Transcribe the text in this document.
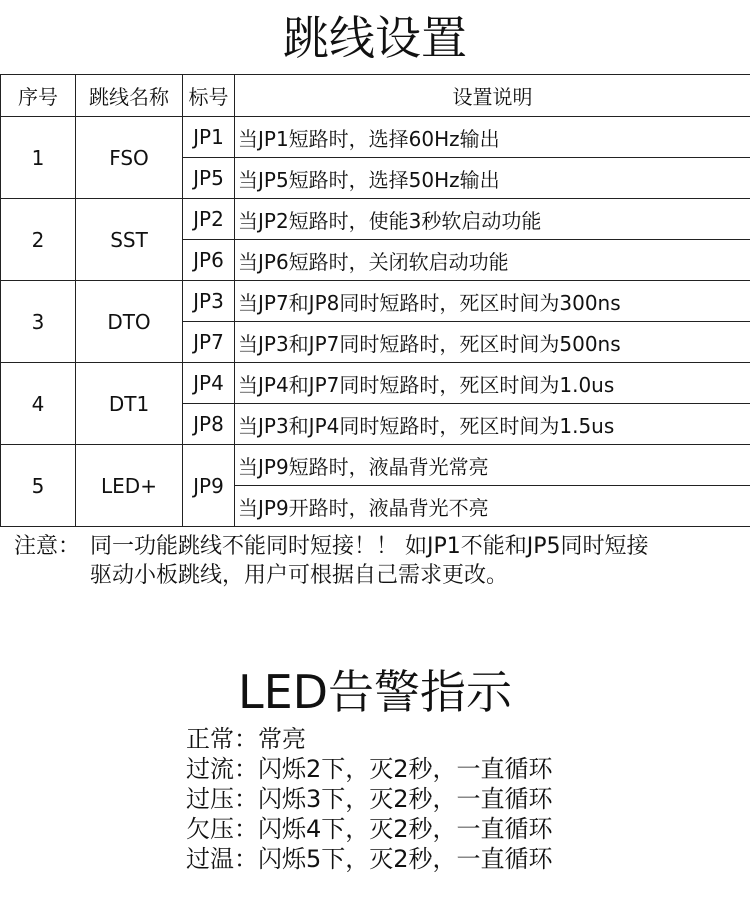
跳线设置
序号	跳线名称	标号	设置说明
1	FSO	JP1	当JP1短路时，选择60Hz输出
		JP5	当JP5短路时，选择50Hz输出
2	SST	JP2	当JP2短路时，使能3秒软启动功能
		JP6	当JP6短路时，关闭软启动功能
3	DTO	JP3	当JP7和JP8同时短路时，死区时间为300ns
		JP7	当JP3和JP7同时短路时，死区时间为500ns
4	DT1	JP4	当JP4和JP7同时短路时，死区时间为1.0us
		JP8	当JP3和JP4同时短路时，死区时间为1.5us
5	LED+	JP9	当JP9短路时，液晶背光常亮
			当JP9开路时，液晶背光不亮
注意： 同一功能跳线不能同时短接！！ 如JP1不能和JP5同时短接
驱动小板跳线，用户可根据自己需求更改。
LED告警指示
正常：常亮
过流：闪烁2下，灭2秒，一直循环
过压：闪烁3下，灭2秒，一直循环
欠压：闪烁4下，灭2秒，一直循环
过温：闪烁5下，灭2秒，一直循环
